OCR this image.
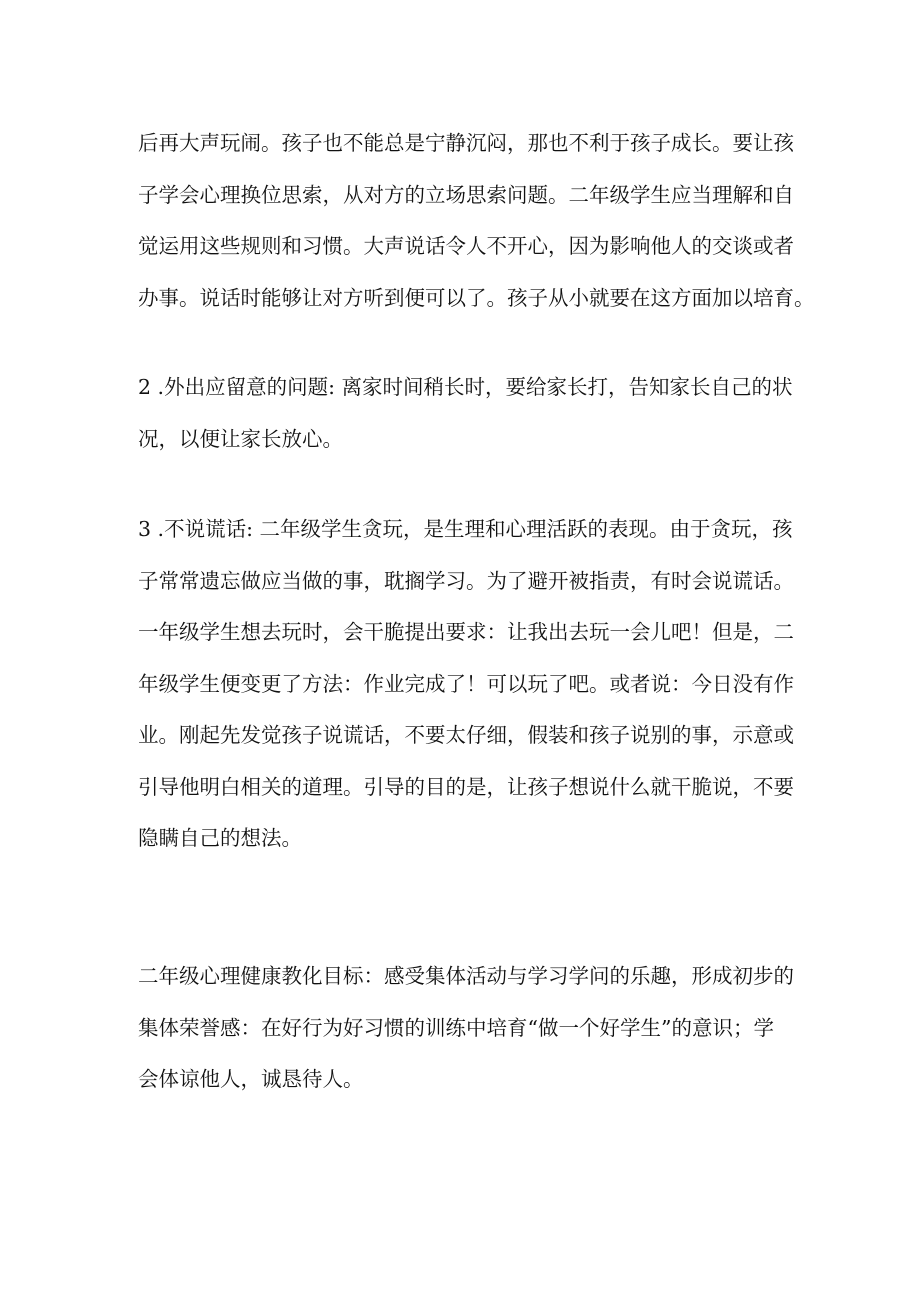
后再大声玩闹。孩子也不能总是宁静沉闷，那也不利于孩子成长。要让孩
子学会心理换位思索，从对方的立场思索问题。二年级学生应当理解和自
觉运用这些规则和习惯。大声说话令人不开心，因为影响他人的交谈或者
办事。说话时能够让对方听到便可以了。孩子从小就要在这方面加以培育。

2 .外出应留意的问题: 离家时间稍长时，要给家长打，告知家长自己的状
况，以便让家长放心。

3 .不说谎话: 二年级学生贪玩，是生理和心理活跃的表现。由于贪玩，孩
子常常遗忘做应当做的事，耽搁学习。为了避开被指责，有时会说谎话。
一年级学生想去玩时，会干脆提出要求：让我出去玩一会儿吧！但是，二
年级学生便变更了方法：作业完成了！可以玩了吧。或者说：今日没有作
业。刚起先发觉孩子说谎话，不要太仔细，假装和孩子说别的事，示意或
引导他明白相关的道理。引导的目的是，让孩子想说什么就干脆说，不要
隐瞒自己的想法。

二年级心理健康教化目标：感受集体活动与学习学问的乐趣，形成初步的
集体荣誉感：在好行为好习惯的训练中培育“做一个好学生”的意识；学
会体谅他人，诚恳待人。
